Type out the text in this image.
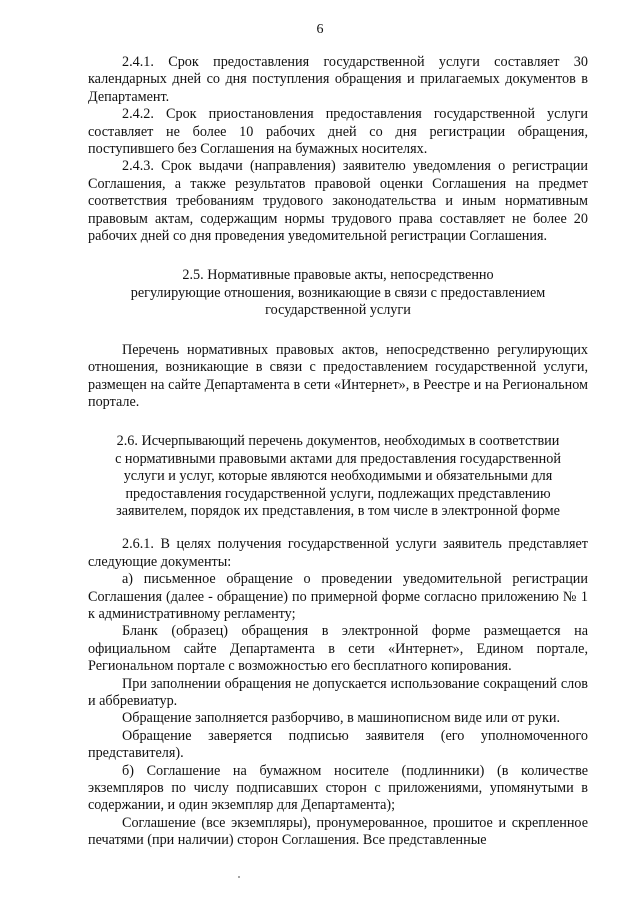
6

2.4.1. Срок предоставления государственной услуги составляет 30 календарных дней со дня поступления обращения и прилагаемых документов в Департамент.

2.4.2. Срок приостановления предоставления государственной услуги составляет не более 10 рабочих дней со дня регистрации обращения, поступившего без Соглашения на бумажных носителях.

2.4.3. Срок выдачи (направления) заявителю уведомления о регистрации Соглашения, а также результатов правовой оценки Соглашения на предмет соответствия требованиям трудового законодательства и иным нормативным правовым актам, содержащим нормы трудового права составляет не более 20 рабочих дней со дня проведения уведомительной регистрации Соглашения.

2.5. Нормативные правовые акты, непосредственно
регулирующие отношения, возникающие в связи с предоставлением
государственной услуги

Перечень нормативных правовых актов, непосредственно регулирующих отношения, возникающие в связи с предоставлением государственной услуги, размещен на сайте Департамента в сети «Интернет», в Реестре и на Региональном портале.

2.6. Исчерпывающий перечень документов, необходимых в соответствии
с нормативными правовыми актами для предоставления государственной
услуги и услуг, которые являются необходимыми и обязательными для
предоставления государственной услуги, подлежащих представлению
заявителем, порядок их представления, в том числе в электронной форме

2.6.1. В целях получения государственной услуги заявитель представляет следующие документы:

а) письменное обращение о проведении уведомительной регистрации Соглашения (далее - обращение) по примерной форме согласно приложению № 1 к административному регламенту;

Бланк (образец) обращения в электронной форме размещается на официальном сайте Департамента в сети «Интернет», Едином портале, Региональном портале с возможностью его бесплатного копирования.

При заполнении обращения не допускается использование сокращений слов и аббревиатур.

Обращение заполняется разборчиво, в машинописном виде или от руки.

Обращение заверяется подписью заявителя (его уполномоченного представителя).

б) Соглашение на бумажном носителе (подлинники) (в количестве экземпляров по числу подписавших сторон с приложениями, упомянутыми в содержании, и один экземпляр для Департамента);

Соглашение (все экземпляры), пронумерованное, прошитое и скрепленное печатями (при наличии) сторон Соглашения. Все представленные
